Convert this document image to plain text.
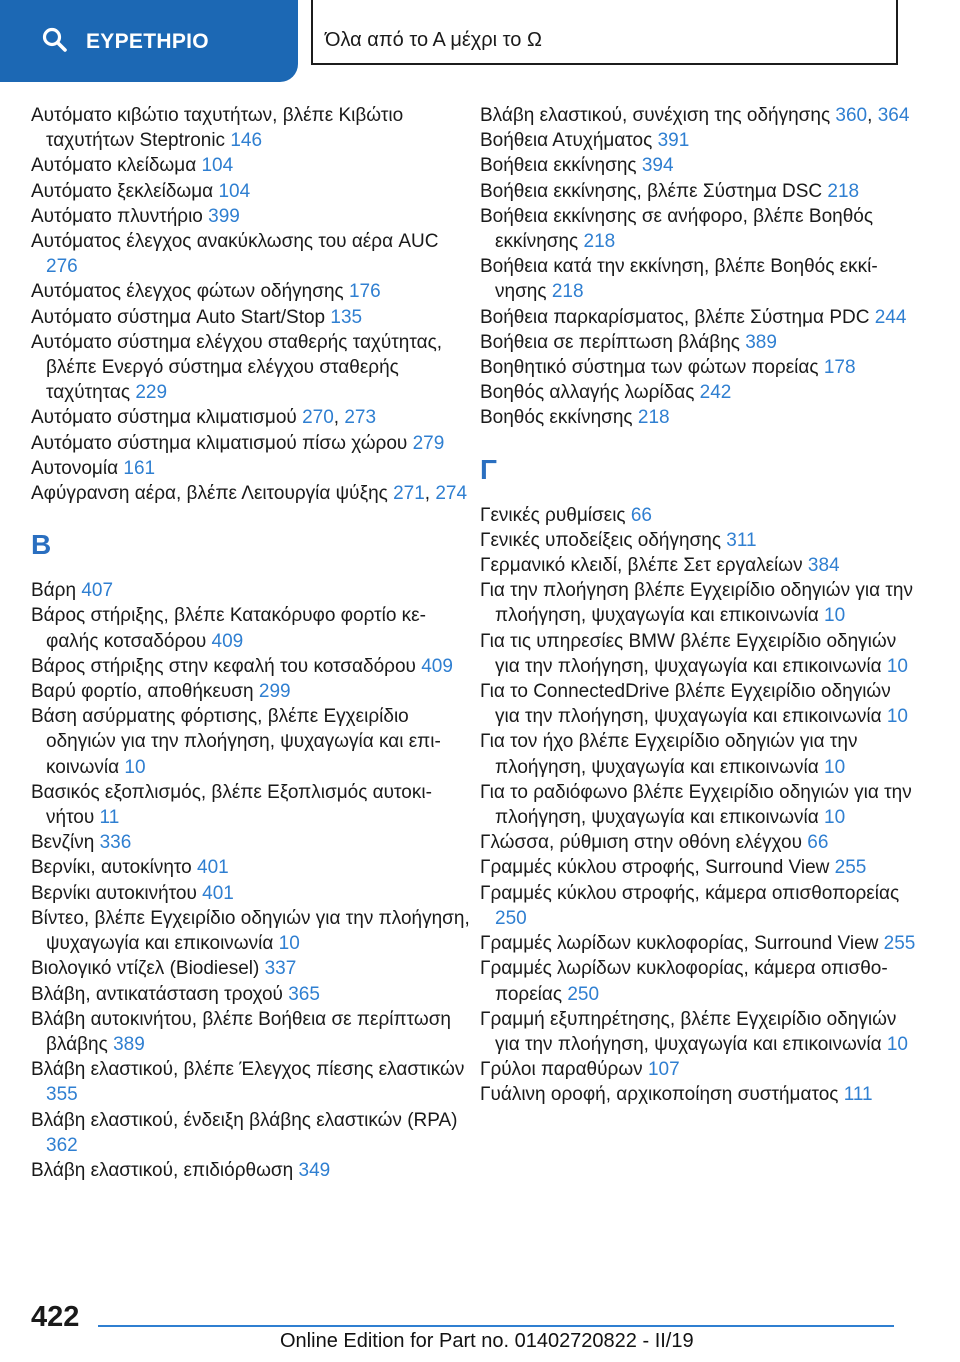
ΕΥΡΕΤΗΡΙΟ	Όλα από το Α μέχρι το Ω
Αυτόματο κιβώτιο ταχυτήτων, βλέπε Κιβώτιο ταχυτήτων Steptronic 146
Αυτόματο κλείδωμα 104
Αυτόματο ξεκλείδωμα 104
Αυτόματο πλυντήριο 399
Αυτόματος έλεγχος ανακύκλωσης του αέρα AUC 276
Αυτόματος έλεγχος φώτων οδήγησης 176
Αυτόματο σύστημα Auto Start/Stop 135
Αυτόματο σύστημα ελέγχου σταθερής ταχύτητας, βλέπε Ενεργό σύστημα ελέγχου σταθερής ταχύτητας 229
Αυτόματο σύστημα κλιματισμού 270, 273
Αυτόματο σύστημα κλιματισμού πίσω χώρου 279
Αυτονομία 161
Αφύγρανση αέρα, βλέπε Λειτουργία ψύξης 271, 274
Β
Βάρη 407
Βάρος στήριξης, βλέπε Κατακόρυφο φορτίο κεφαλής κοτσαδόρου 409
Βάρος στήριξης στην κεφαλή του κοτσαδόρου 409
Βαρύ φορτίο, αποθήκευση 299
Βάση ασύρματης φόρτισης, βλέπε Εγχειρίδιο οδηγιών για την πλοήγηση, ψυχαγωγία και επικοινωνία 10
Βασικός εξοπλισμός, βλέπε Εξοπλισμός αυτοκινήτου 11
Βενζίνη 336
Βερνίκι, αυτοκίνητο 401
Βερνίκι αυτοκινήτου 401
Βίντεο, βλέπε Εγχειρίδιο οδηγιών για την πλοήγηση, ψυχαγωγία και επικοινωνία 10
Βιολογικό ντίζελ (Biodiesel) 337
Βλάβη, αντικατάσταση τροχού 365
Βλάβη αυτοκινήτου, βλέπε Βοήθεια σε περίπτωση βλάβης 389
Βλάβη ελαστικού, βλέπε Έλεγχος πίεσης ελαστικών 355
Βλάβη ελαστικού, ένδειξη βλάβης ελαστικών (RPA) 362
Βλάβη ελαστικού, επιδιόρθωση 349
Βλάβη ελαστικού, συνέχιση της οδήγησης 360, 364
Βοήθεια Ατυχήματος 391
Βοήθεια εκκίνησης 394
Βοήθεια εκκίνησης, βλέπε Σύστημα DSC 218
Βοήθεια εκκίνησης σε ανήφορο, βλέπε Βοηθός εκκίνησης 218
Βοήθεια κατά την εκκίνηση, βλέπε Βοηθός εκκίνησης 218
Βοήθεια παρκαρίσματος, βλέπε Σύστημα PDC 244
Βοήθεια σε περίπτωση βλάβης 389
Βοηθητικό σύστημα των φώτων πορείας 178
Βοηθός αλλαγής λωρίδας 242
Βοηθός εκκίνησης 218
Γ
Γενικές ρυθμίσεις 66
Γενικές υποδείξεις οδήγησης 311
Γερμανικό κλειδί, βλέπε Σετ εργαλείων 384
Για την πλοήγηση βλέπε Εγχειρίδιο οδηγιών για την πλοήγηση, ψυχαγωγία και επικοινωνία 10
Για τις υπηρεσίες BMW βλέπε Εγχειρίδιο οδηγιών για την πλοήγηση, ψυχαγωγία και επικοινωνία 10
Για το ConnectedDrive βλέπε Εγχειρίδιο οδηγιών για την πλοήγηση, ψυχαγωγία και επικοινωνία 10
Για τον ήχο βλέπε Εγχειρίδιο οδηγιών για την πλοήγηση, ψυχαγωγία και επικοινωνία 10
Για το ραδιόφωνο βλέπε Εγχειρίδιο οδηγιών για την πλοήγηση, ψυχαγωγία και επικοινωνία 10
Γλώσσα, ρύθμιση στην οθόνη ελέγχου 66
Γραμμές κύκλου στροφής, Surround View 255
Γραμμές κύκλου στροφής, κάμερα οπισθοπορείας 250
Γραμμές λωρίδων κυκλοφορίας, Surround View 255
Γραμμές λωρίδων κυκλοφορίας, κάμερα οπισθοπορείας 250
Γραμμή εξυπηρέτησης, βλέπε Εγχειρίδιο οδηγιών για την πλοήγηση, ψυχαγωγία και επικοινωνία 10
Γρύλοι παραθύρων 107
Γυάλινη οροφή, αρχικοποίηση συστήματος 111
422
Online Edition for Part no. 01402720822 - II/19
